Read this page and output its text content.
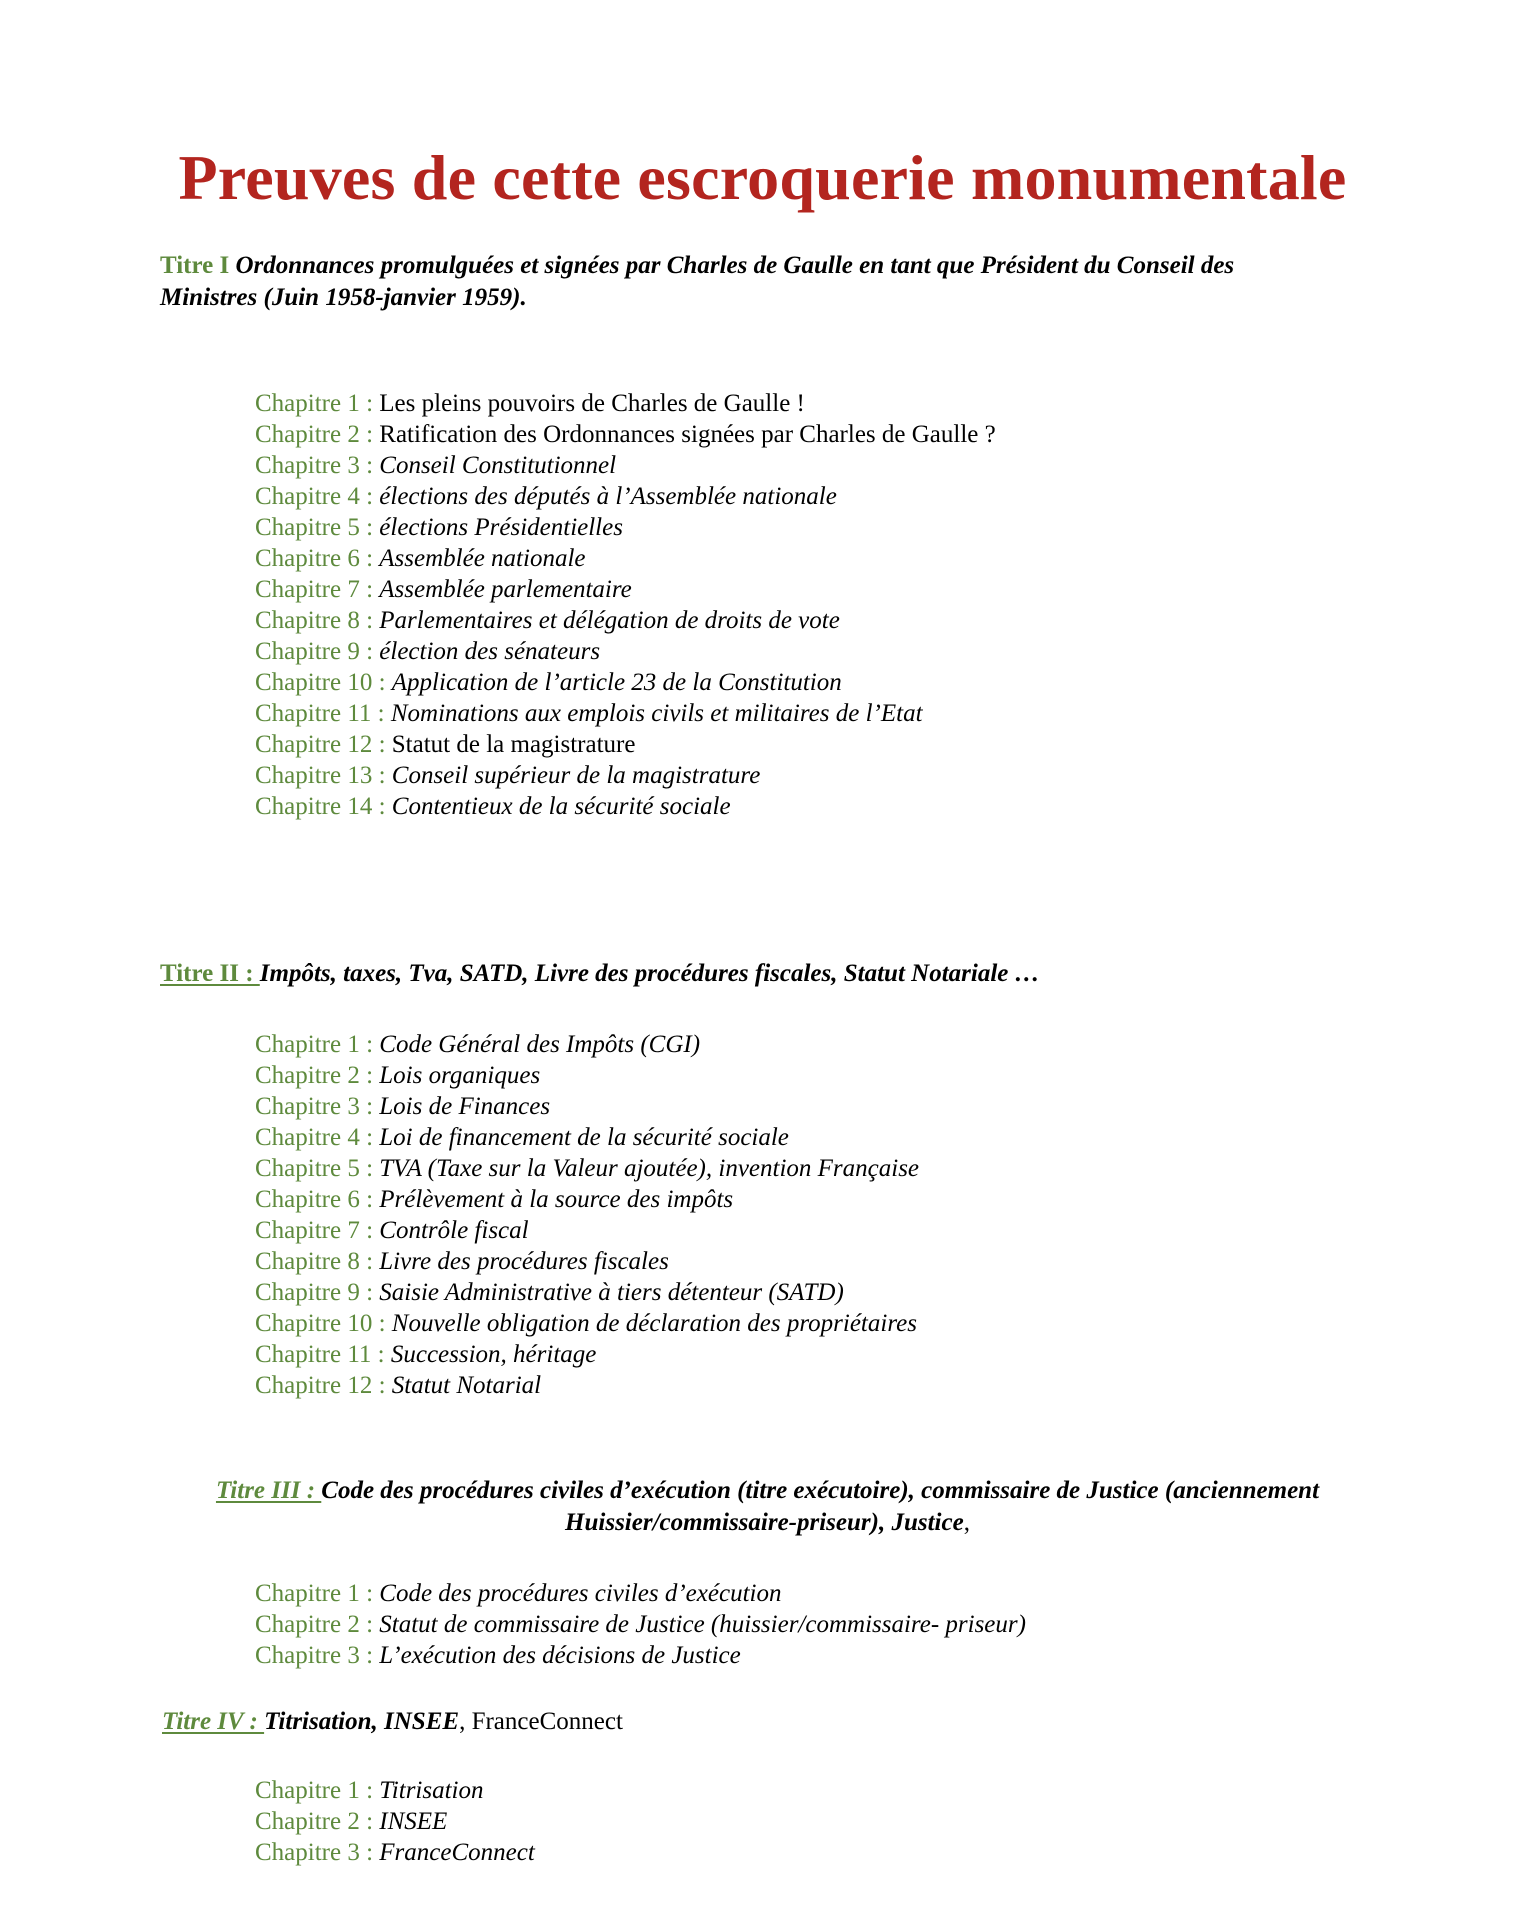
Preuves de cette escroquerie monumentale
Titre I Ordonnances promulguées et signées par Charles de Gaulle en tant que Président du Conseil des
Ministres (Juin 1958-janvier 1959).
Chapitre 1 : Les pleins pouvoirs de Charles de Gaulle !
Chapitre 2 : Ratification des Ordonnances signées par Charles de Gaulle ?
Chapitre 3 : Conseil Constitutionnel
Chapitre 4 : élections des députés à l’Assemblée nationale
Chapitre 5 : élections Présidentielles
Chapitre 6 : Assemblée nationale
Chapitre 7 : Assemblée parlementaire
Chapitre 8 : Parlementaires et délégation de droits de vote
Chapitre 9 : élection des sénateurs
Chapitre 10 : Application de l’article 23 de la Constitution
Chapitre 11 : Nominations aux emplois civils et militaires de l’Etat
Chapitre 12 : Statut de la magistrature
Chapitre 13 : Conseil supérieur de la magistrature
Chapitre 14 : Contentieux de la sécurité sociale
Titre II : Impôts, taxes, Tva, SATD, Livre des procédures fiscales, Statut Notariale …
Chapitre 1 : Code Général des Impôts (CGI)
Chapitre 2 : Lois organiques
Chapitre 3 : Lois de Finances
Chapitre 4 : Loi de financement de la sécurité sociale
Chapitre 5 : TVA (Taxe sur la Valeur ajoutée), invention Française
Chapitre 6 : Prélèvement à la source des impôts
Chapitre 7 : Contrôle fiscal
Chapitre 8 : Livre des procédures fiscales
Chapitre 9 : Saisie Administrative à tiers détenteur (SATD)
Chapitre 10 : Nouvelle obligation de déclaration des propriétaires
Chapitre 11 : Succession, héritage
Chapitre 12 : Statut Notarial
Titre III : Code des procédures civiles d’exécution (titre exécutoire), commissaire de Justice (anciennement
Huissier/commissaire-priseur), Justice,
Chapitre 1 : Code des procédures civiles d’exécution
Chapitre 2 : Statut de commissaire de Justice (huissier/commissaire- priseur)
Chapitre 3 : L’exécution des décisions de Justice
Titre IV : Titrisation, INSEE, FranceConnect
Chapitre 1 : Titrisation
Chapitre 2 : INSEE
Chapitre 3 : FranceConnect
